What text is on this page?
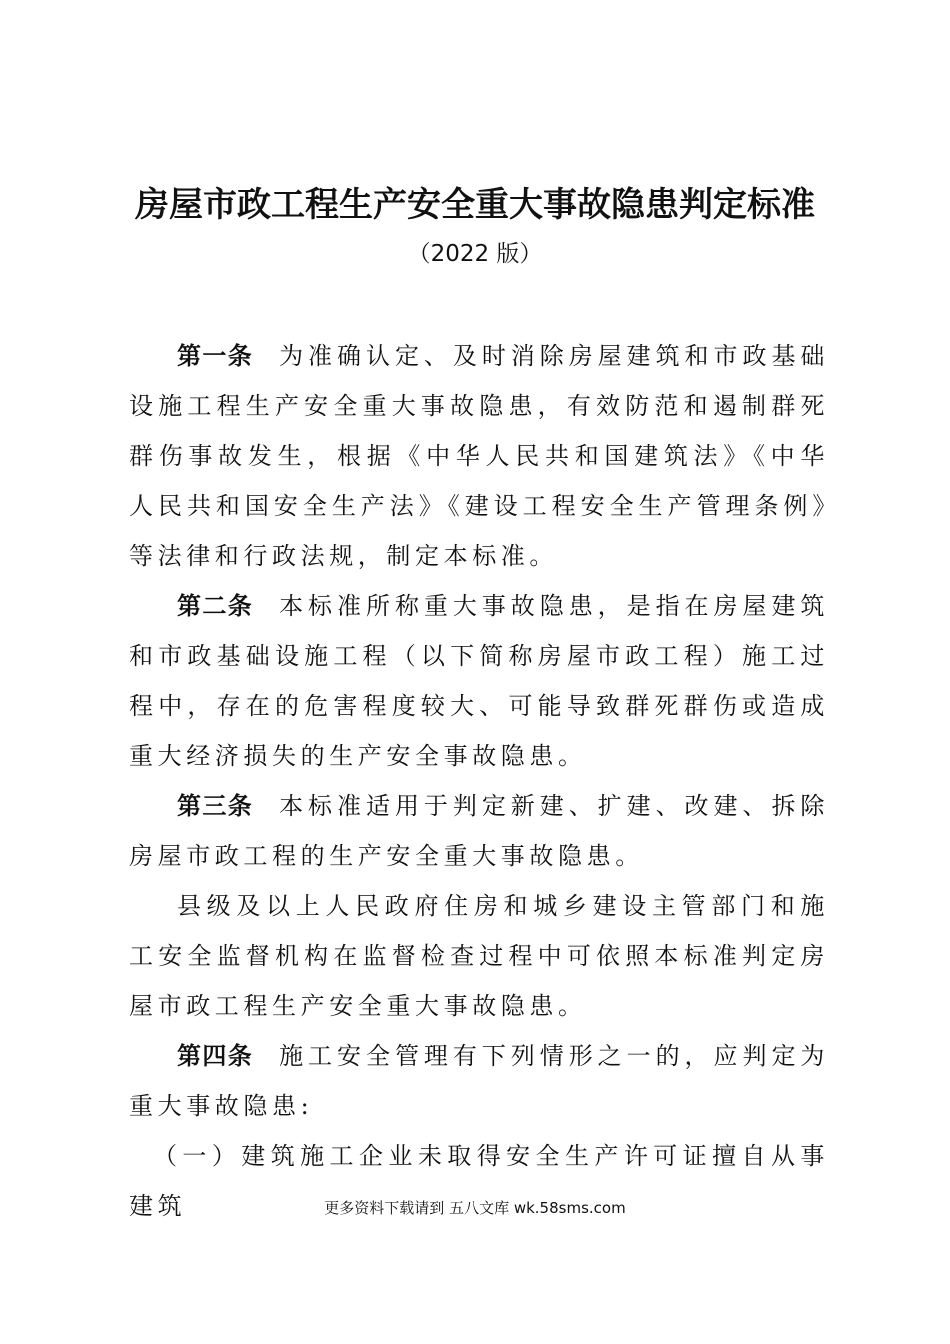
房屋市政工程生产安全重大事故隐患判定标准
（2022 版）

第一条 为准确认定、及时消除房屋建筑和市政基础设施工程生产安全重大事故隐患，有效防范和遏制群死群伤事故发生，根据《中华人民共和国建筑法》《中华人民共和国安全生产法》《建设工程安全生产管理条例》等法律和行政法规，制定本标准。

第二条 本标准所称重大事故隐患，是指在房屋建筑和市政基础设施工程（以下简称房屋市政工程）施工过程中，存在的危害程度较大、可能导致群死群伤或造成重大经济损失的生产安全事故隐患。

第三条 本标准适用于判定新建、扩建、改建、拆除房屋市政工程的生产安全重大事故隐患。

县级及以上人民政府住房和城乡建设主管部门和施工安全监督机构在监督检查过程中可依照本标准判定房屋市政工程生产安全重大事故隐患。

第四条 施工安全管理有下列情形之一的，应判定为重大事故隐患:

（一）建筑施工企业未取得安全生产许可证擅自从事建筑	更多资料下载请到 五八文库 wk.58sms.com
